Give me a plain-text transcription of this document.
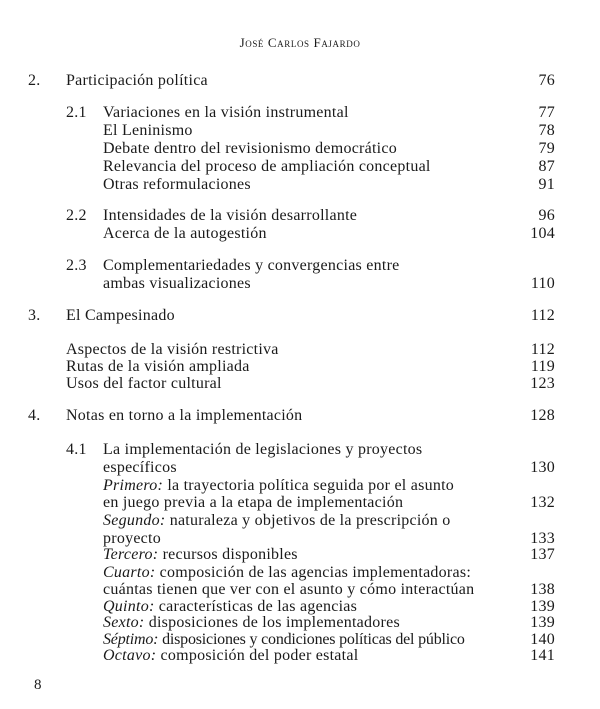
José Carlos Fajardo
2. Participación política	76
2.1 Variaciones en la visión instrumental	77
El Leninismo	78
Debate dentro del revisionismo democrático	79
Relevancia del proceso de ampliación conceptual	87
Otras reformulaciones	91
2.2 Intensidades de la visión desarrollante	96
Acerca de la autogestión	104
2.3 Complementariedades y convergencias entre
ambas visualizaciones	110
3. El Campesinado	112
Aspectos de la visión restrictiva	112
Rutas de la visión ampliada	119
Usos del factor cultural	123
4. Notas en torno a la implementación	128
4.1 La implementación de legislaciones y proyectos
específicos	130
Primero: la trayectoria política seguida por el asunto
en juego previa a la etapa de implementación	132
Segundo: naturaleza y objetivos de la prescripción o
proyecto	133
Tercero: recursos disponibles	137
Cuarto: composición de las agencias implementadoras:
cuántas tienen que ver con el asunto y cómo interactúan	138
Quinto: características de las agencias	139
Sexto: disposiciones de los implementadores	139
Séptimo: disposiciones y condiciones políticas del público	140
Octavo: composición del poder estatal	141
8
